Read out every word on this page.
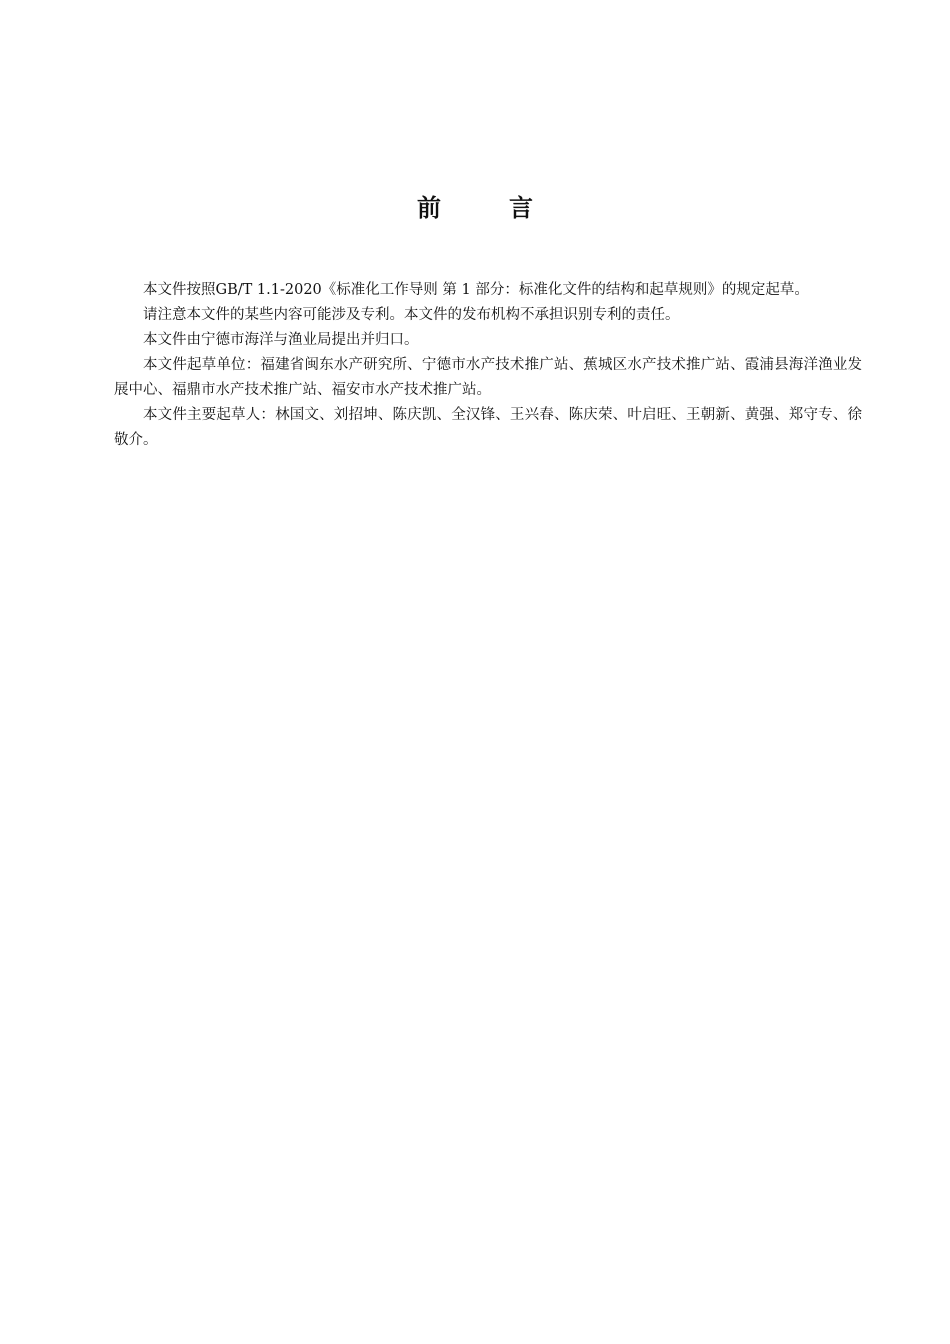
前　言

本文件按照GB/T 1.1-2020《标准化工作导则 第 1 部分：标准化文件的结构和起草规则》的规定起草。

请注意本文件的某些内容可能涉及专利。本文件的发布机构不承担识别专利的责任。

本文件由宁德市海洋与渔业局提出并归口。

本文件起草单位：福建省闽东水产研究所、宁德市水产技术推广站、蕉城区水产技术推广站、霞浦县海洋渔业发展中心、福鼎市水产技术推广站、福安市水产技术推广站。

本文件主要起草人：林国文、刘招坤、陈庆凯、全汉锋、王兴春、陈庆荣、叶启旺、王朝新、黄强、郑守专、徐敬介。
